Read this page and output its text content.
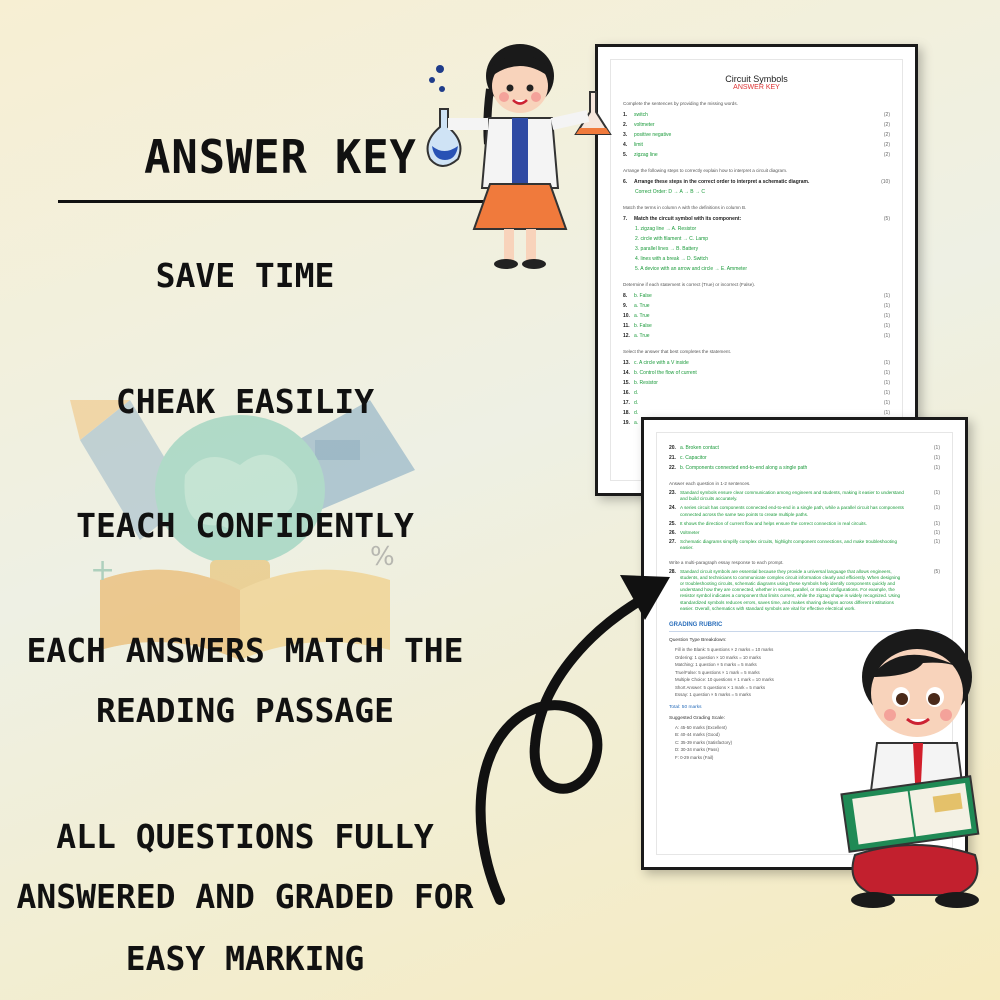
+	%
ANSWER KEY
SAVE TIME
CHEAK EASILIY
TEACH CONFIDENTLY
EACH ANSWERS MATCH THE
READING PASSAGE
ALL QUESTIONS FULLY
ANSWERED AND GRADED FOR
EASY MARKING
Circuit Symbols
ANSWER KEY
Complete the sentences by providing the missing words.
1.	switch	(2)
2.	voltmeter	(2)
3.	positive negative	(2)
4.	limit	(2)
5.	zigzag line	(2)
Arrange the following steps to correctly explain how to interpret a circuit diagram.
6.	Arrange these steps in the correct order to interpret a schematic diagram.	(10)
Correct Order: D → A → B → C
Match the terms in column A with the definitions in column B.
7.	Match the circuit symbol with its component:	(5)
1. zigzag line → A. Resistor
2. circle with filament → C. Lamp
3. parallel lines → B. Battery
4. lines with a break → D. Switch
5. A device with an arrow and circle → E. Ammeter
Determine if each statement is correct (True) or incorrect (False).
8.	b. False	(1)
9.	a. True	(1)
10. a. True	(1)
11. b. False	(1)
12. a. True	(1)
Select the answer that best completes the statement.
13. c. A circle with a V inside	(1)
14. b. Control the flow of current	(1)
15. b. Resistor	(1)
16. d.	(1)
17. d.	(1)
18. d.	(1)
19. a.
20. a. Broken contact	(1)
21. c. Capacitor	(1)
22. b. Components connected end-to-end along a single path	(1)
Answer each question in 1-2 sentences.
23. Standard symbols ensure clear communication among engineers and students, making it easier to understand and build circuits accurately.
(1)
24. A series circuit has components connected end-to-end in a single path, while a parallel circuit has components connected across the same two points to create multiple paths.
(1)
25. It shows the direction of current flow and helps ensure the correct connection in real circuits.	(1)
26. Voltmeter	(1)
27. Schematic diagrams simplify complex circuits, highlight component connections, and make troubleshooting easier.
(1)
Write a multi-paragraph essay response to each prompt.
28. Standard circuit symbols are essential because they provide a universal language that allows engineers, students, and technicians to communicate complex circuit information clearly and efficiently. When designing or troubleshooting circuits, schematic diagrams using these symbols help identify components quickly and understand how they are connected, whether in series, parallel, or mixed configurations. For example, the resistor symbol indicates a component that limits current, while the zigzag shape is widely recognized. Using standardized symbols reduces errors, saves time, and makes sharing designs across different institutions easier. Overall, schematics with standard symbols are vital for effective electrical work.
(5)
GRADING RUBRIC
Question Type Breakdown:
Fill in the Blank: 5 questions × 2 marks = 10 marks
Ordering: 1 question × 10 marks = 10 marks
Matching: 1 question × 5 marks = 5 marks
True/False: 5 questions × 1 mark = 5 marks
Multiple Choice: 10 questions × 1 mark = 10 marks
Short Answer: 5 questions × 1 mark = 5 marks
Essay: 1 question × 5 marks = 5 marks
Total: 50 marks
Suggested Grading Scale:
A: 45-50 marks (Excellent)
B: 40-44 marks (Good)
C: 35-39 marks (Satisfactory)
D: 30-34 marks (Pass)
F: 0-29 marks (Fail)
